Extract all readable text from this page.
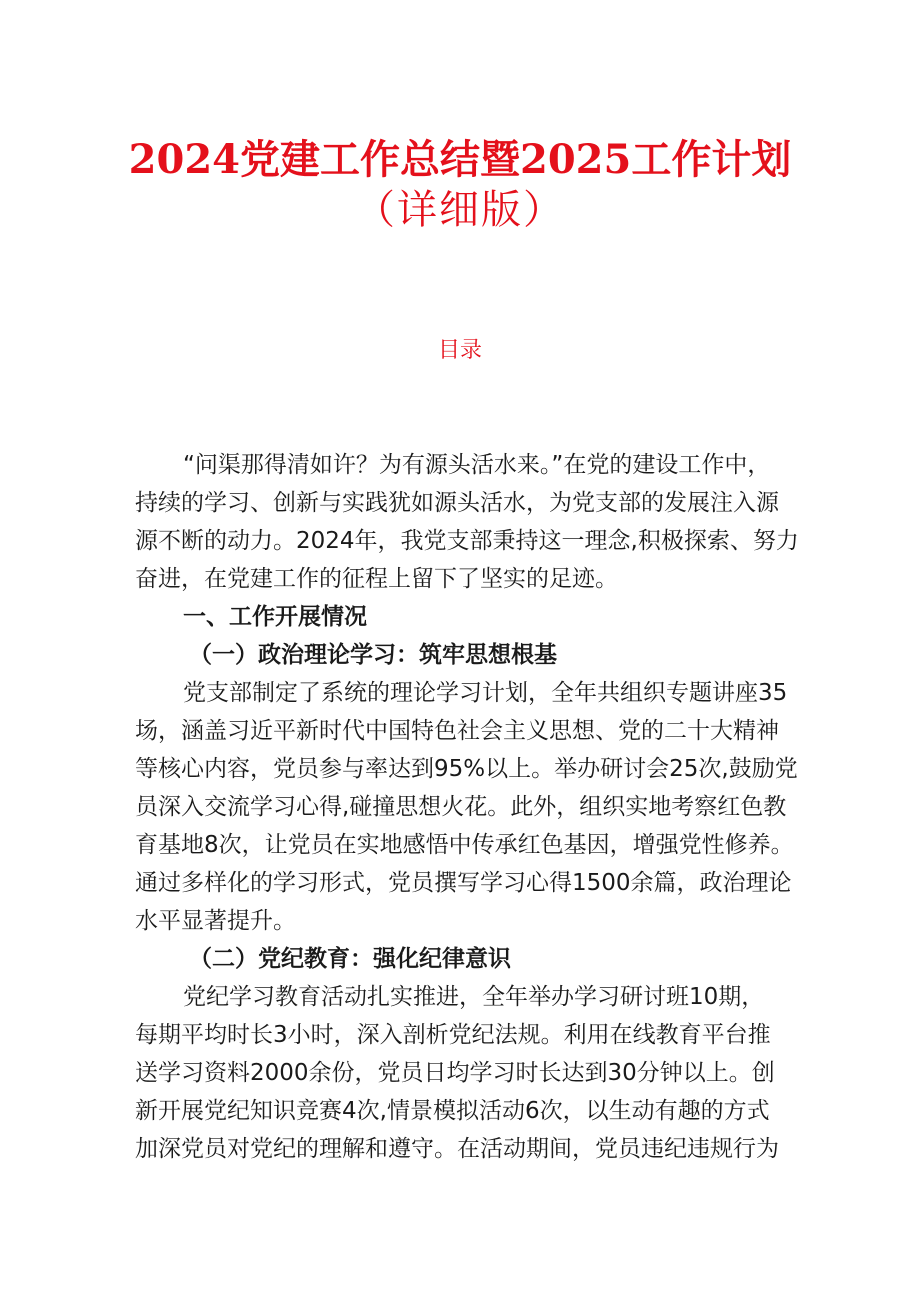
2024党建工作总结暨2025工作计划
（详细版）
目录
“问渠那得清如许？为有源头活水来。”在党的建设工作中，
持续的学习、创新与实践犹如源头活水，为党支部的发展注入源
源不断的动力。2024年，我党支部秉持这一理念,积极探索、努力
奋进，在党建工作的征程上留下了坚实的足迹。
一、工作开展情况
（一）政治理论学习：筑牢思想根基
党支部制定了系统的理论学习计划，全年共组织专题讲座35
场，涵盖习近平新时代中国特色社会主义思想、党的二十大精神
等核心内容，党员参与率达到95%以上。举办研讨会25次,鼓励党
员深入交流学习心得,碰撞思想火花。此外，组织实地考察红色教
育基地8次，让党员在实地感悟中传承红色基因，增强党性修养。
通过多样化的学习形式，党员撰写学习心得1500余篇，政治理论
水平显著提升。
（二）党纪教育：强化纪律意识
党纪学习教育活动扎实推进，全年举办学习研讨班10期，
每期平均时长3小时，深入剖析党纪法规。利用在线教育平台推
送学习资料2000余份，党员日均学习时长达到30分钟以上。创
新开展党纪知识竞赛4次,情景模拟活动6次，以生动有趣的方式
加深党员对党纪的理解和遵守。在活动期间，党员违纪违规行为
